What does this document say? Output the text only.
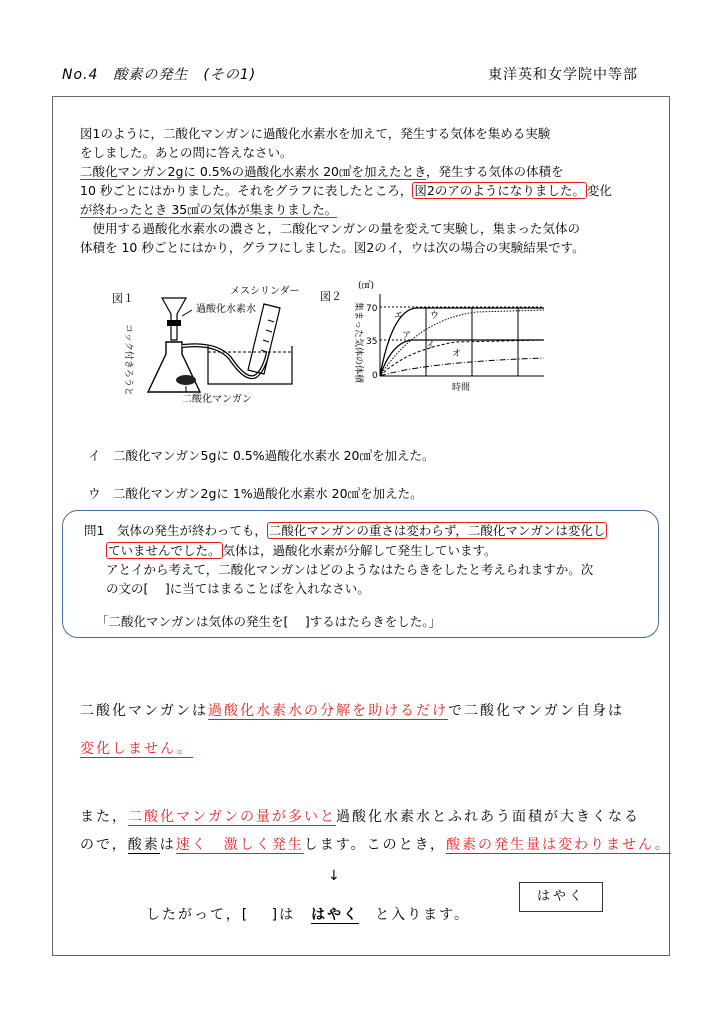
No.4　酸素の発生　(その1)	東洋英和女学院中等部
図1のように，二酸化マンガンに過酸化水素水を加えて，発生する気体を集める実験
をしました。あとの問に答えなさい。
二酸化マンガン2gに 0.5%の過酸化水素水 20㎤を加えたとき，発生する気体の体積を
10 秒ごとにはかりました。それをグラフに表したところ， 図2のアのようになりました。 変化
が終わったとき 35㎤の気体が集まりました。
　使用する過酸化水素水の濃さと，二酸化マンガンの量を変えて実験し，集まった気体の
体積を 10 秒ごとにはかり，グラフにしました。図2のイ，ウは次の場合の実験結果です。
図１
メスシリンダー
過酸化水素水
コック付きろうと
二酸化マンガン
図２
(㎤)
集まった気体の体積 70
35
0
エ	ウ
イ
ア
オ
時間
イ　二酸化マンガン5gに 0.5%過酸化水素水 20㎤を加えた。
ウ　二酸化マンガン2gに 1%過酸化水素水 20㎤を加えた。
問1　気体の発生が終わっても， 二酸化マンガンの重さは変わらず，二酸化マンガンは変化し
ていませんでした。 気体は，過酸化水素が分解して発生しています。
アとイから考えて，二酸化マンガンはどのようなはたらきをしたと考えられますか。次
の文の[　 ]に当てはまることばを入れなさい。
「二酸化マンガンは気体の発生を[　 ]するはたらきをした。」
二酸化マンガンは過酸化水素水の分解を助けるだけで二酸化マンガン自身は
変化しません。
また，二酸化マンガンの量が多いと過酸化水素水とふれあう面積が大きくなる
ので，酸素は速く　激しく発生します。このとき，酸素の発生量は変わりません。
↓
したがって，[　 ]は　 はやく　 と入ります。
はやく
